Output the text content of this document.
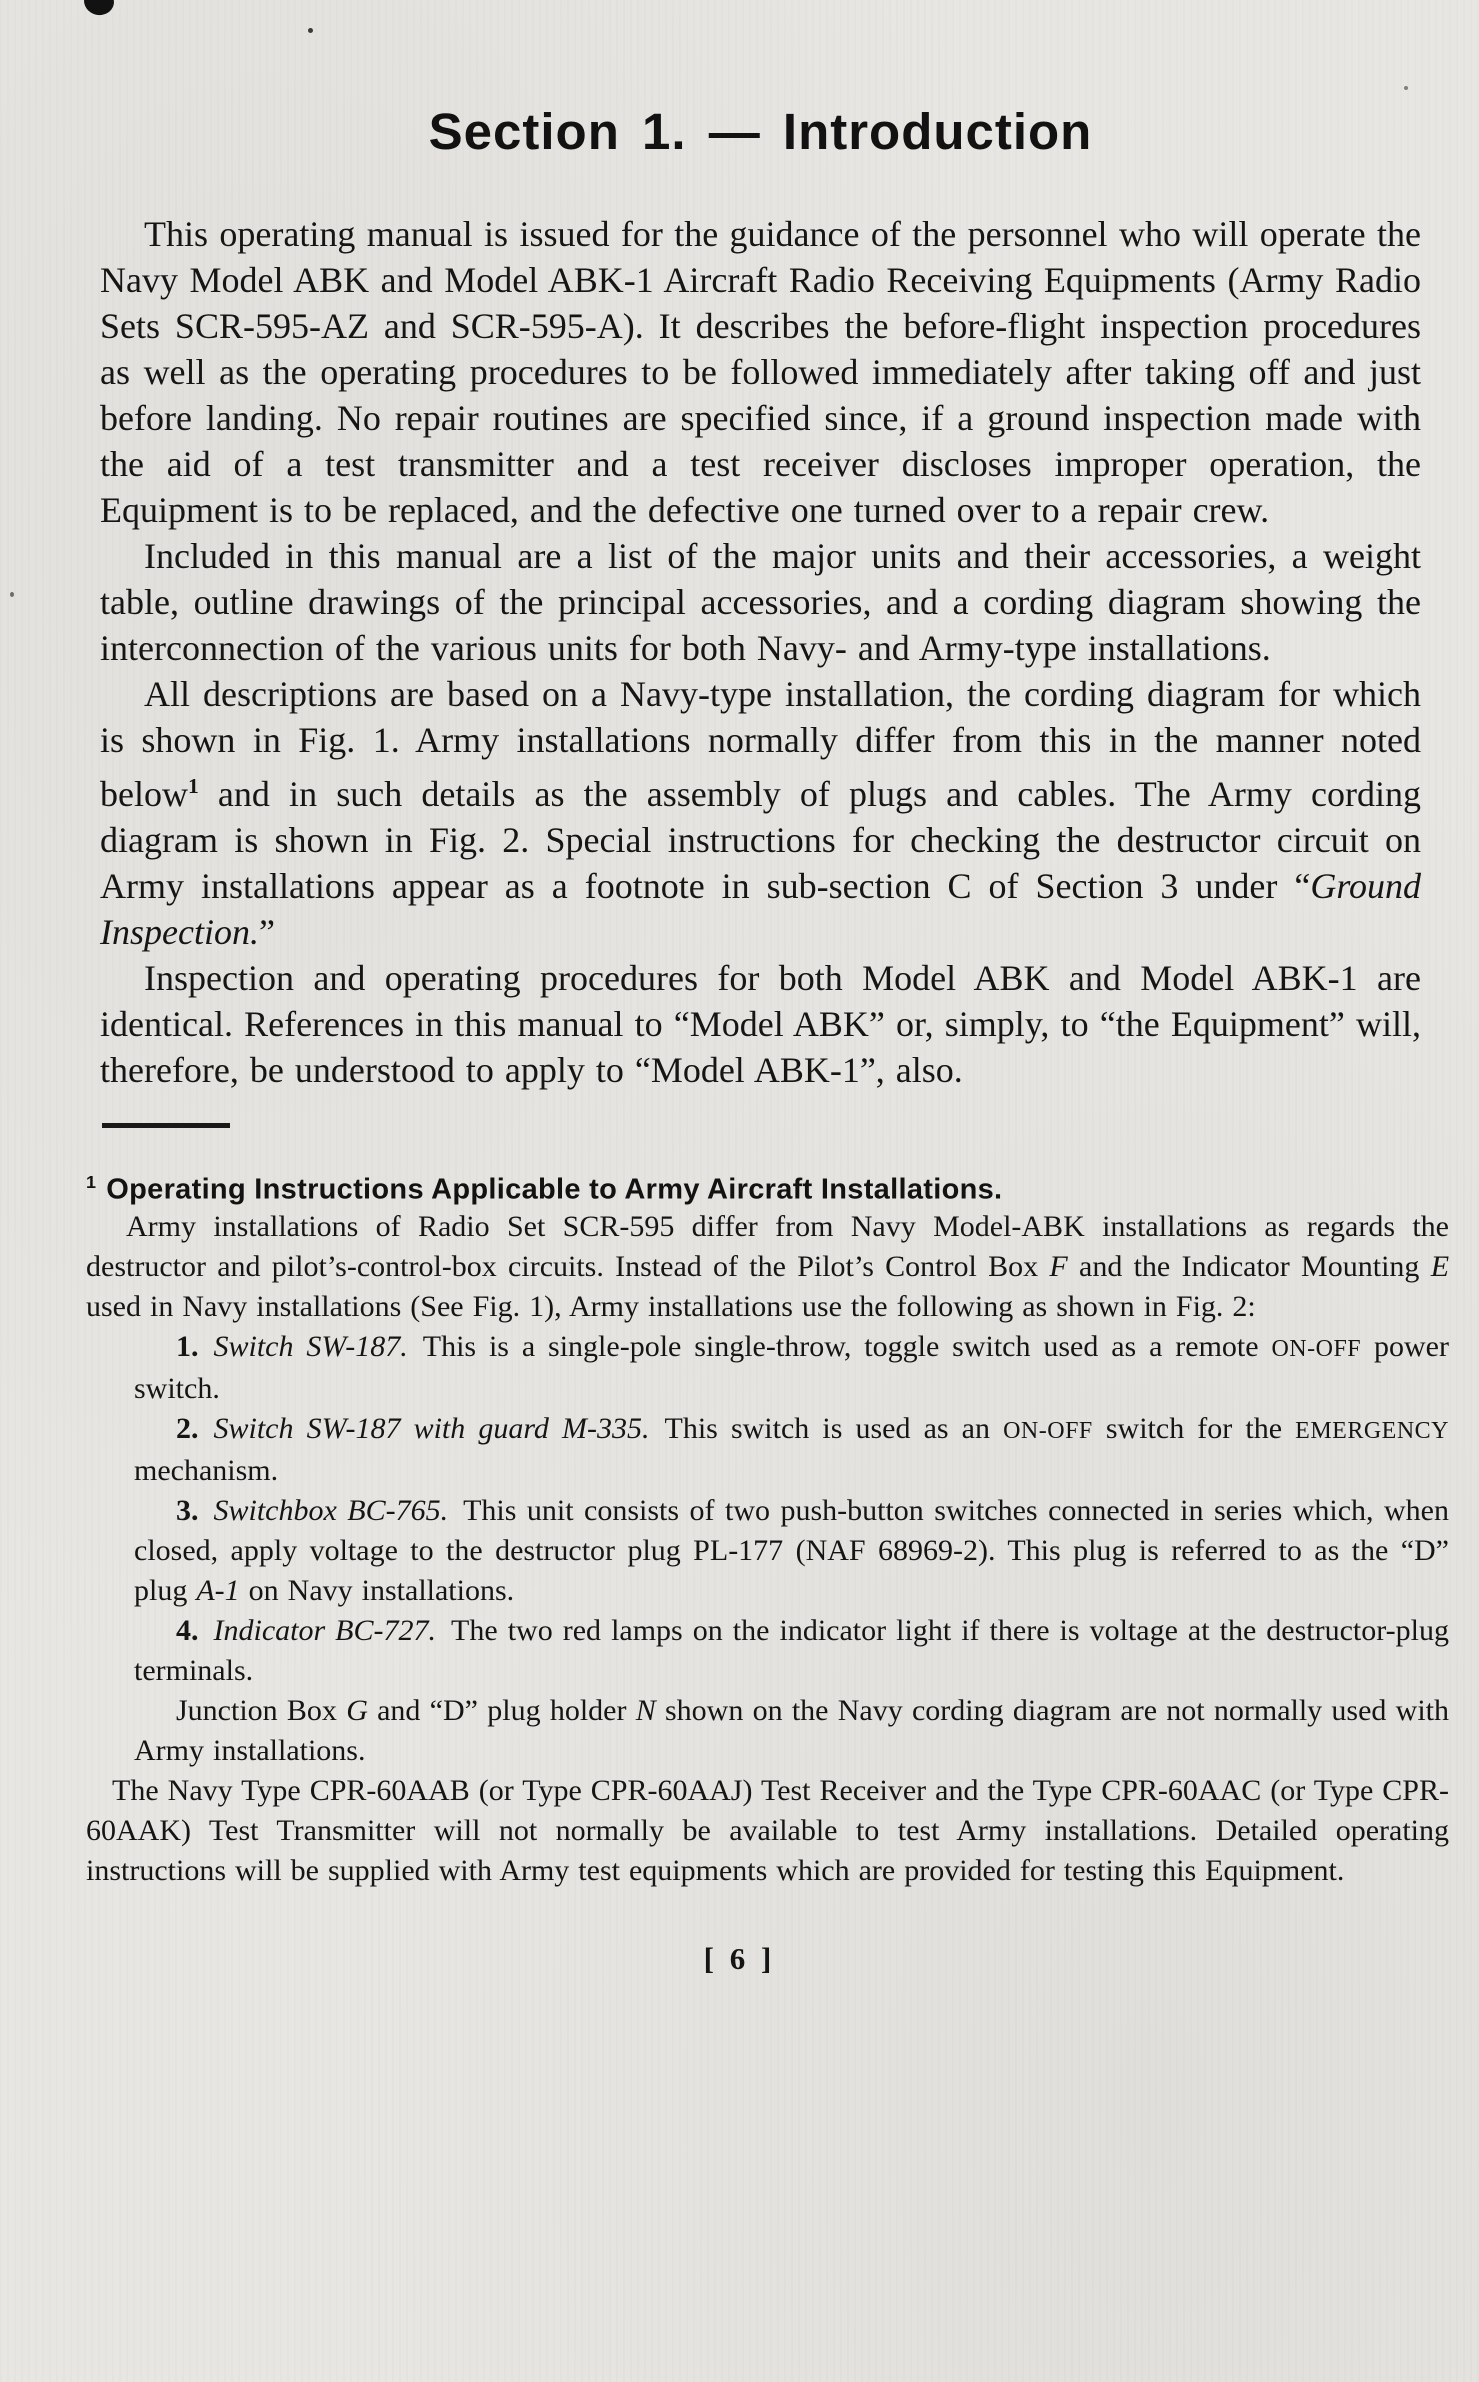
Section 1. — Introduction

This operating manual is issued for the guidance of the personnel who will operate the Navy Model ABK and Model ABK-1 Aircraft Radio Receiving Equipments (Army Radio Sets SCR-595-AZ and SCR-595-A). It describes the before-flight inspection procedures as well as the operating procedures to be followed immediately after taking off and just before landing. No repair routines are specified since, if a ground inspection made with the aid of a test transmitter and a test receiver discloses improper operation, the Equipment is to be replaced, and the defective one turned over to a repair crew.

Included in this manual are a list of the major units and their accessories, a weight table, outline drawings of the principal accessories, and a cording diagram showing the interconnection of the various units for both Navy- and Army-type installations.

All descriptions are based on a Navy-type installation, the cording diagram for which is shown in Fig. 1. Army installations normally differ from this in the manner noted below$^1$ and in such details as the assembly of plugs and cables. The Army cording diagram is shown in Fig. 2. Special instructions for checking the destructor circuit on Army installations appear as a footnote in sub-section C of Section 3 under “Ground Inspection.”

Inspection and operating procedures for both Model ABK and Model ABK-1 are identical. References in this manual to “Model ABK” or, simply, to “the Equipment” will, therefore, be understood to apply to “Model ABK-1”, also.

$^1$ Operating Instructions Applicable to Army Aircraft Installations.

Army installations of Radio Set SCR-595 differ from Navy Model-ABK installations as regards the destructor and pilot’s-control-box circuits. Instead of the Pilot’s Control Box F and the Indicator Mounting E used in Navy installations (See Fig. 1), Army installations use the following as shown in Fig. 2:

1. Switch SW-187. This is a single-pole single-throw, toggle switch used as a remote ON-OFF power switch.

2. Switch SW-187 with guard M-335. This switch is used as an ON-OFF switch for the EMERGENCY mechanism.

3. Switchbox BC-765. This unit consists of two push-button switches connected in series which, when closed, apply voltage to the destructor plug PL-177 (NAF 68969-2). This plug is referred to as the “D” plug A-1 on Navy installations.

4. Indicator BC-727. The two red lamps on the indicator light if there is voltage at the destructor-plug terminals.

Junction Box G and “D” plug holder N shown on the Navy cording diagram are not normally used with Army installations.

The Navy Type CPR-60AAB (or Type CPR-60AAJ) Test Receiver and the Type CPR-60AAC (or Type CPR-60AAK) Test Transmitter will not normally be available to test Army installations. Detailed operating instructions will be supplied with Army test equipments which are provided for testing this Equipment.

[ 6 ]
